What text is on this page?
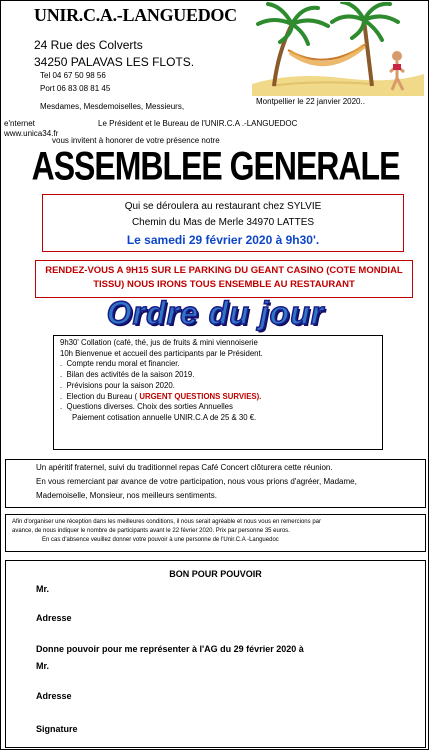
UNIR.C.A.-LANGUEDOC
24 Rue des Colverts
34250 PALAVAS LES FLOTS.
Tel 04 67 50 98 56
Port 06 83 08 81 45
Mesdames, Mesdemoiselles, Messieurs,
Le Président et le Bureau de l'UNIR.C.A .-LANGUEDOC
vous invitent à honorer de votre présence notre
e'nternet
www.unica34.fr
Montpellier le 22 janvier 2020..
ASSEMBLEE GENERALE
Qui se déroulera au restaurant chez SYLVIE
Chemin du Mas de Merle 34970 LATTES
Le samedi 29 février 2020 à 9h30'.
RENDEZ-VOUS A 9H15 SUR LE PARKING DU GEANT CASINO (COTE MONDIAL TISSU) NOUS IRONS TOUS ENSEMBLE AU RESTAURANT
Ordre du jour
9h30' Collation (café, thé, jus de fruits & mini viennoiserie
10h Bienvenue et accueil des participants par le Président.
.  Compte rendu moral et financier.
.  Bilan des activités de la saison 2019.
.  Prévisions pour la saison 2020.
.  Election du Bureau ( URGENT QUESTIONS SURVIES).
.  Questions diverses. Choix des sorties Annuelles
Paiement cotisation annuelle UNIR.C.A de 25 & 30 €.
Un apéritif fraternel, suivi du traditionnel repas Café Concert clôturera cette réunion.
En vous remerciant par avance de votre participation, nous vous prions d'agréer, Madame,
Mademoiselle, Monsieur, nos meilleurs sentiments.
Afin d'organiser une réception dans les meilleures conditions, il nous serait agréable et nous vous en remercions par
avance, de nous indiquer le nombre de participants avant le 22 février 2020. Prix par personne 35 euros.
En cas d'absence veuillez donner votre pouvoir à une personne de l'Unir.C.A -Languedoc
BON POUR POUVOIR
Mr.
Adresse
Donne pouvoir pour me représenter à l'AG du 29 février 2020 à
Mr.
Adresse
Signature
